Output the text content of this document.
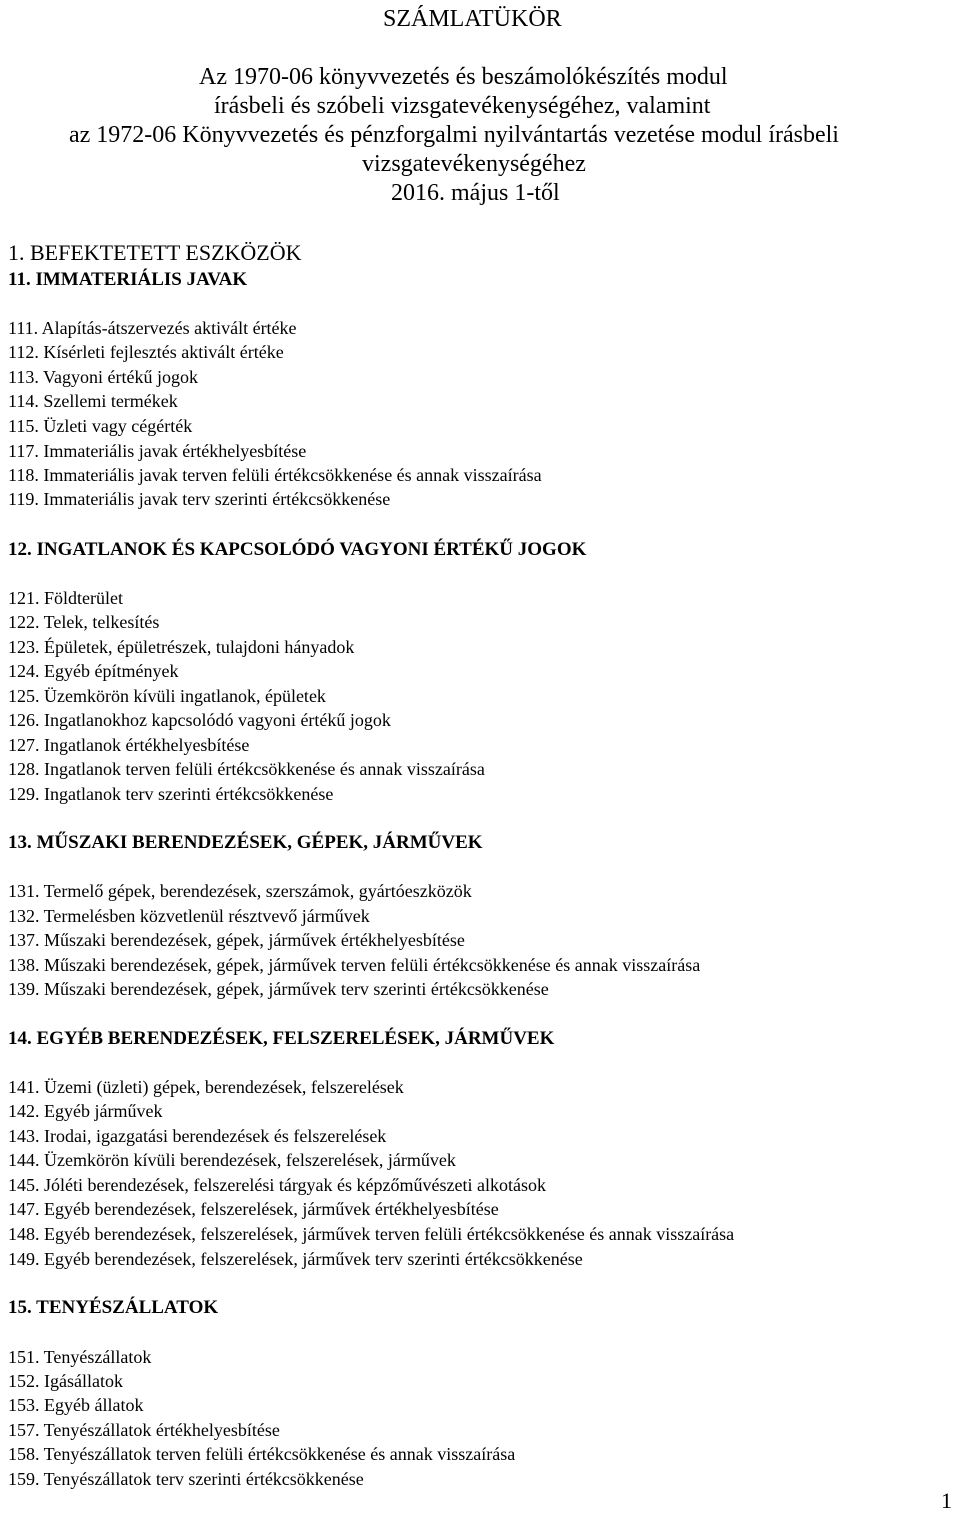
SZÁMLATÜKÖR
Az 1970-06 könyvvezetés és beszámolókészítés modul
írásbeli és szóbeli vizsgatevékenységéhez, valamint
az 1972-06 Könyvvezetés és pénzforgalmi nyilvántartás vezetése modul írásbeli
vizsgatevékenységéhez
2016. május 1-től
1. BEFEKTETETT ESZKÖZÖK
11. IMMATERIÁLIS JAVAK
111. Alapítás-átszervezés aktivált értéke
112. Kísérleti fejlesztés aktivált értéke
113. Vagyoni értékű jogok
114. Szellemi termékek
115. Üzleti vagy cégérték
117. Immateriális javak értékhelyesbítése
118. Immateriális javak terven felüli értékcsökkenése és annak visszaírása
119. Immateriális javak terv szerinti értékcsökkenése
12. INGATLANOK ÉS KAPCSOLÓDÓ VAGYONI ÉRTÉKŰ JOGOK
121. Földterület
122. Telek, telkesítés
123. Épületek, épületrészek, tulajdoni hányadok
124. Egyéb építmények
125. Üzemkörön kívüli ingatlanok, épületek
126. Ingatlanokhoz kapcsolódó vagyoni értékű jogok
127. Ingatlanok értékhelyesbítése
128. Ingatlanok terven felüli értékcsökkenése és annak visszaírása
129. Ingatlanok terv szerinti értékcsökkenése
13. MŰSZAKI BERENDEZÉSEK, GÉPEK, JÁRMŰVEK
131. Termelő gépek, berendezések, szerszámok, gyártóeszközök
132. Termelésben közvetlenül résztvevő járművek
137. Műszaki berendezések, gépek, járművek értékhelyesbítése
138. Műszaki berendezések, gépek, járművek terven felüli értékcsökkenése és annak visszaírása
139. Műszaki berendezések, gépek, járművek terv szerinti értékcsökkenése
14. EGYÉB BERENDEZÉSEK, FELSZERELÉSEK, JÁRMŰVEK
141. Üzemi (üzleti) gépek, berendezések, felszerelések
142. Egyéb járművek
143. Irodai, igazgatási berendezések és felszerelések
144. Üzemkörön kívüli berendezések, felszerelések, járművek
145. Jóléti berendezések, felszerelési tárgyak és képzőművészeti alkotások
147. Egyéb berendezések, felszerelések, járművek értékhelyesbítése
148. Egyéb berendezések, felszerelések, járművek terven felüli értékcsökkenése és annak visszaírása
149. Egyéb berendezések, felszerelések, járművek terv szerinti értékcsökkenése
15. TENYÉSZÁLLATOK
151. Tenyészállatok
152. Igásállatok
153. Egyéb állatok
157. Tenyészállatok értékhelyesbítése
158. Tenyészállatok terven felüli értékcsökkenése és annak visszaírása
159. Tenyészállatok terv szerinti értékcsökkenése
1
